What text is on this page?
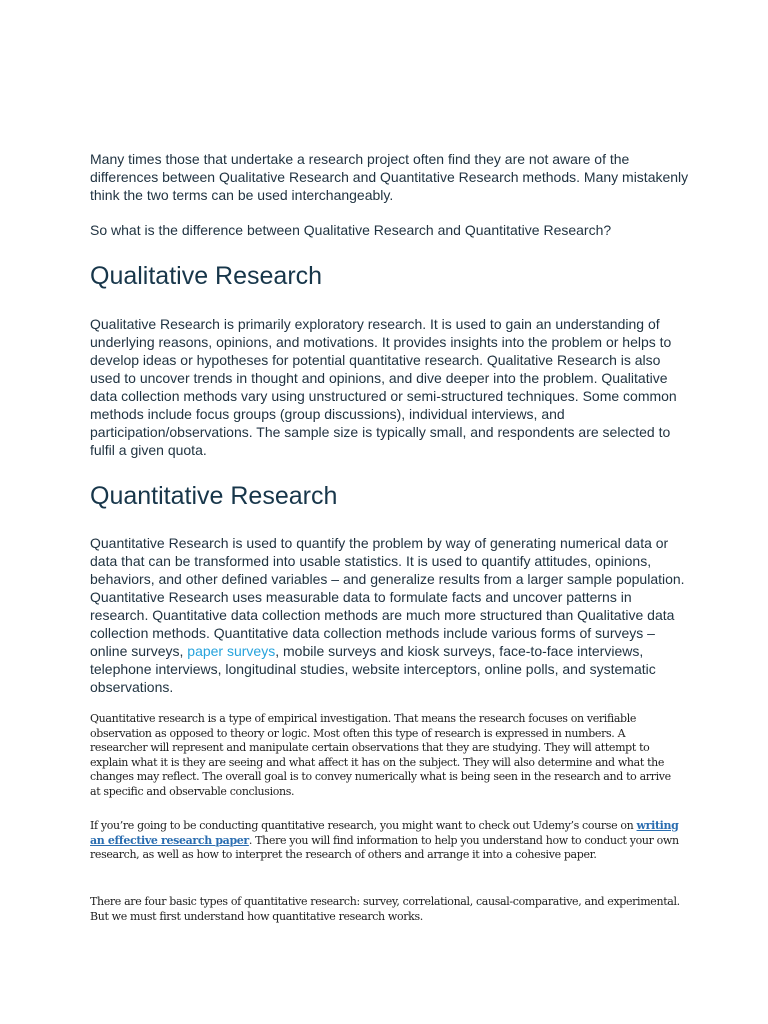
Many times those that undertake a research project often find they are not aware of the differences between Qualitative Research and Quantitative Research methods. Many mistakenly think the two terms can be used interchangeably.

So what is the difference between Qualitative Research and Quantitative Research?

Qualitative Research

Qualitative Research is primarily exploratory research. It is used to gain an understanding of underlying reasons, opinions, and motivations. It provides insights into the problem or helps to develop ideas or hypotheses for potential quantitative research. Qualitative Research is also used to uncover trends in thought and opinions, and dive deeper into the problem. Qualitative data collection methods vary using unstructured or semi-structured techniques. Some common methods include focus groups (group discussions), individual interviews, and participation/observations. The sample size is typically small, and respondents are selected to fulfil a given quota.

Quantitative Research

Quantitative Research is used to quantify the problem by way of generating numerical data or data that can be transformed into usable statistics. It is used to quantify attitudes, opinions, behaviors, and other defined variables – and generalize results from a larger sample population. Quantitative Research uses measurable data to formulate facts and uncover patterns in research. Quantitative data collection methods are much more structured than Qualitative data collection methods. Quantitative data collection methods include various forms of surveys – online surveys, paper surveys, mobile surveys and kiosk surveys, face-to-face interviews, telephone interviews, longitudinal studies, website interceptors, online polls, and systematic observations.

Quantitative research is a type of empirical investigation. That means the research focuses on verifiable observation as opposed to theory or logic. Most often this type of research is expressed in numbers. A researcher will represent and manipulate certain observations that they are studying. They will attempt to explain what it is they are seeing and what affect it has on the subject. They will also determine and what the changes may reflect. The overall goal is to convey numerically what is being seen in the research and to arrive at specific and observable conclusions.

If you’re going to be conducting quantitative research, you might want to check out Udemy’s course on writing an effective research paper. There you will find information to help you understand how to conduct your own research, as well as how to interpret the research of others and arrange it into a cohesive paper.

There are four basic types of quantitative research: survey, correlational, causal-comparative, and experimental. But we must first understand how quantitative research works.
